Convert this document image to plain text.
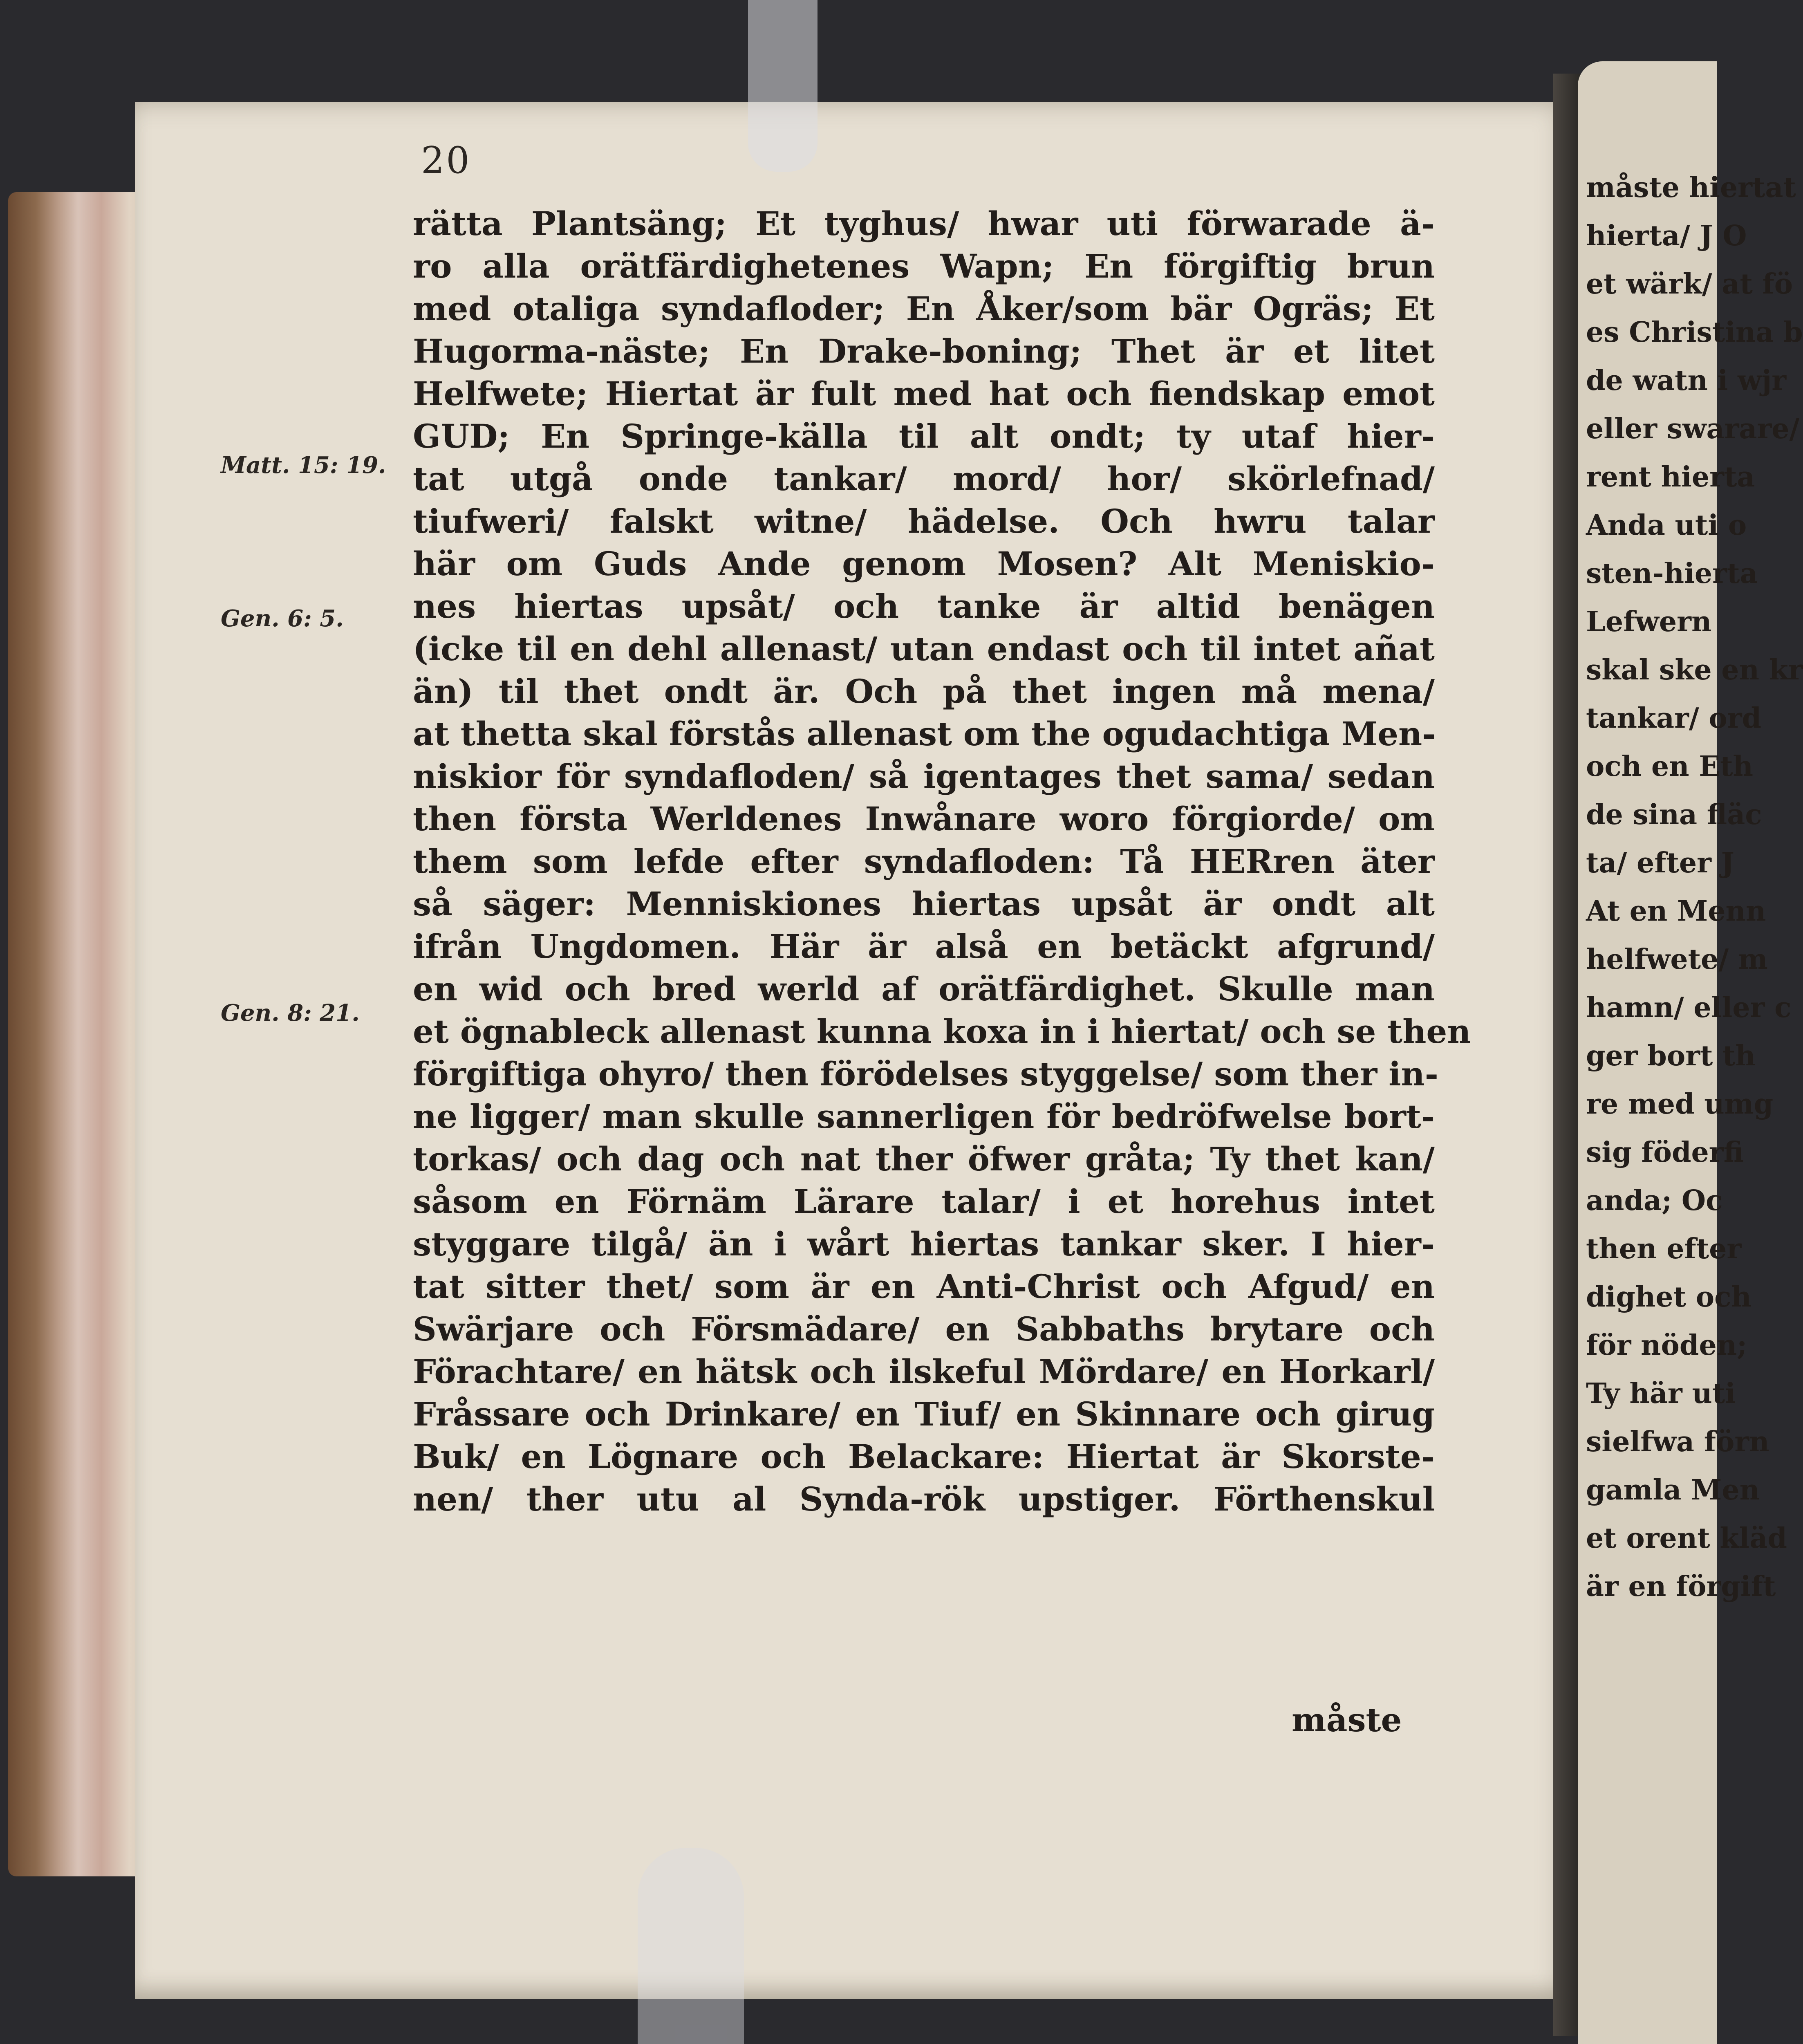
20
rätta Plantsäng; Et tyghus/ hwar uti förwarade ä-
ro alla orätfärdighetenes Wapn; En förgiftig brun
med otaliga syndafloder; En Åker/som bär Ogräs; Et
Hugorma-näste; En Drake-boning; Thet är et litet
Helfwete; Hiertat är fult med hat och fiendskap emot
GUD; En Springe-källa til alt ondt; ty utaf hier-
tat utgå onde tankar/ mord/ hor/ skörlefnad/
tiufweri/ falskt witne/ hädelse. Och hwru talar
här om Guds Ande genom Mosen? Alt Meniskio-
nes hiertas upsåt/ och tanke är altid benägen
(icke til en dehl allenast/ utan endast och til intet añat
än) til thet ondt är. Och på thet ingen må mena/
at thetta skal förstås allenast om the ogudachtiga Men-
niskior för syndafloden/ så igentages thet sama/ sedan
then första Werldenes Inwånare woro förgiorde/ om
them som lefde efter syndafloden: Tå HERren äter
så säger: Menniskiones hiertas upsåt är ondt alt
ifrån Ungdomen. Här är alså en betäckt afgrund/
en wid och bred werld af orätfärdighet. Skulle man
et ögnableck allenast kunna koxa in i hiertat/ och se then
förgiftiga ohyro/ then förödelses styggelse/ som ther in-
ne ligger/ man skulle sannerligen för bedröfwelse bort-
torkas/ och dag och nat ther öfwer gråta; Ty thet kan/
såsom en Förnäm Lärare talar/ i et horehus intet
styggare tilgå/ än i wårt hiertas tankar sker. I hier-
tat sitter thet/ som är en Anti-Christ och Afgud/ en
Swärjare och Försmädare/ en Sabbaths brytare och
Förachtare/ en hätsk och ilskeful Mördare/ en Horkarl/
Fråssare och Drinkare/ en Tiuf/ en Skinnare och girug
Buk/ en Lögnare och Belackare: Hiertat är Skorste-
nen/ ther utu al Synda-rök upstiger. Förthenskul
Matt. 15: 19.
Gen. 6: 5.
Gen. 8: 21.
måste
måste hiertat
hierta/ J O
et wärk/ at fö
es Christina b
de watn i wjr
eller swarare/
rent hierta
Anda uti o
sten-hierta
Lefwern
skal ske en kr
tankar/ ord
och en Eth
de sina fläc
ta/ efter J
At en Menn
helfwete/ m
hamn/ eller c
ger bort th
re med umg
sig föderfi
anda; Oc
then efter
dighet och
för nöden;
Ty här uti
sielfwa förn
gamla Men
et orent kläd
är en förgift
